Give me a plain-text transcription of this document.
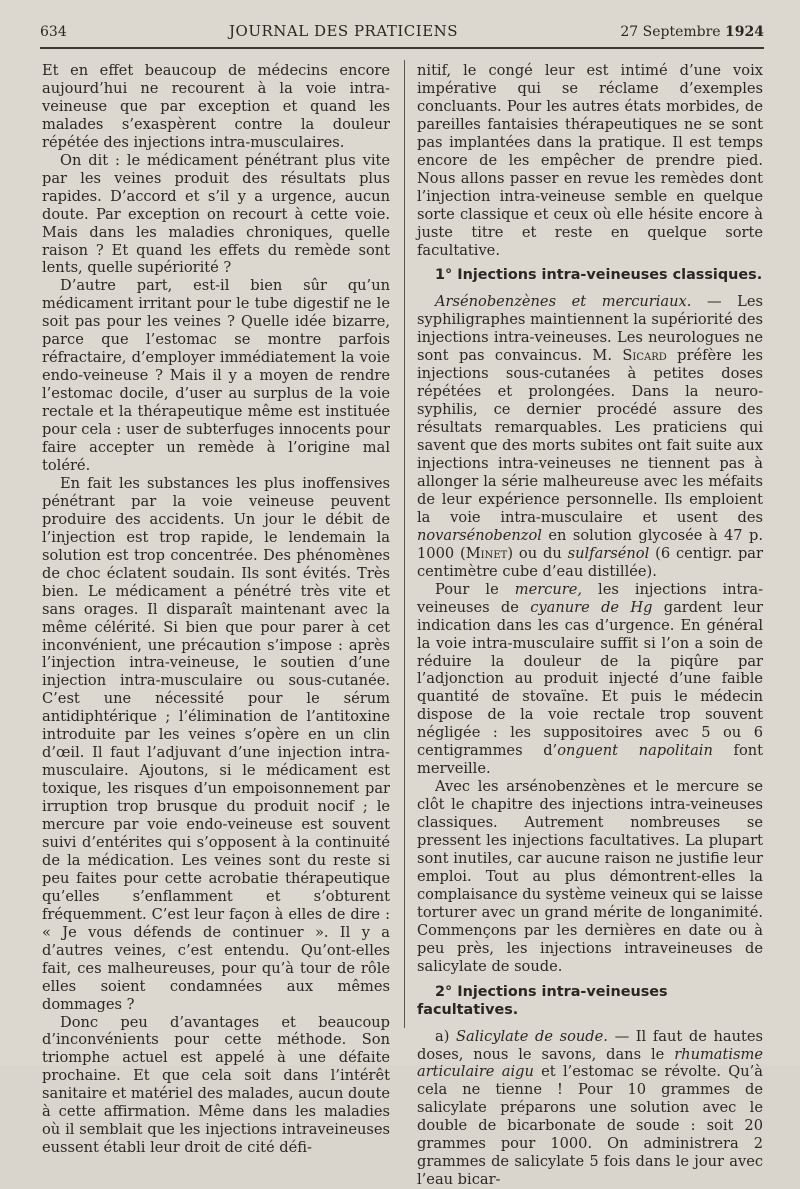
634	JOURNAL DES PRATICIENS	27 Septembre 1924

Et en effet beaucoup de médecins encore aujourd’hui ne recourent à la voie intra-veineuse que par exception et quand les malades s’exaspèrent contre la douleur répétée des injections intra-musculaires.

On dit : le médicament pénétrant plus vite par les veines produit des résultats plus rapides. D’accord et s’il y a urgence, aucun doute. Par exception on recourt à cette voie. Mais dans les maladies chroniques, quelle raison ? Et quand les effets du remède sont lents, quelle supériorité ?

D’autre part, est-il bien sûr qu’un médicament irritant pour le tube digestif ne le soit pas pour les veines ? Quelle idée bizarre, parce que l’estomac se montre parfois réfractaire, d’employer immédiatement la voie endo-veineuse ? Mais il y a moyen de rendre l’estomac docile, d’user au surplus de la voie rectale et la thérapeutique même est instituée pour cela : user de subterfuges innocents pour faire accepter un remède à l’origine mal toléré.

En fait les substances les plus inoffensives pénétrant par la voie veineuse peuvent produire des accidents. Un jour le débit de l’injection est trop rapide, le lendemain la solution est trop concentrée. Des phénomènes de choc éclatent soudain. Ils sont évités. Très bien. Le médicament a pénétré très vite et sans orages. Il disparaît maintenant avec la même célérité. Si bien que pour parer à cet inconvénient, une précaution s’impose : après l’injection intra-veineuse, le soutien d’une injection intra-musculaire ou sous-cutanée. C’est une nécessité pour le sérum antidiphtérique ; l’élimination de l’antitoxine introduite par les veines s’opère en un clin d’œil. Il faut l’adjuvant d’une injection intra-musculaire. Ajoutons, si le médicament est toxique, les risques d’un empoisonnement par irruption trop brusque du produit nocif ; le mercure par voie endo-veineuse est souvent suivi d’entérites qui s’opposent à la continuité de la médication. Les veines sont du reste si peu faites pour cette acrobatie thérapeutique qu’elles s’enflamment et s’obturent fréquemment. C’est leur façon à elles de dire : « Je vous défends de continuer ». Il y a d’autres veines, c’est entendu. Qu’ont-elles fait, ces malheureuses, pour qu’à tour de rôle elles soient condamnées aux mêmes dommages ?

Donc peu d’avantages et beaucoup d’inconvénients pour cette méthode. Son triomphe actuel est appelé à une défaite prochaine. Et que cela soit dans l’intérêt sanitaire et matériel des malades, aucun doute à cette affirmation. Même dans les maladies où il semblait que les injections intraveineuses eussent établi leur droit de cité défi-

nitif, le congé leur est intimé d’une voix impérative qui se réclame d’exemples concluants. Pour les autres états morbides, de pareilles fantaisies thérapeutiques ne se sont pas implantées dans la pratique. Il est temps encore de les empêcher de prendre pied. Nous allons passer en revue les remèdes dont l’injection intra-veineuse semble en quelque sorte classique et ceux où elle hésite encore à juste titre et reste en quelque sorte facultative.

1° Injections intra-veineuses classiques.

Arsénobenzènes et mercuriaux. — Les syphiligraphes maintiennent la supériorité des injections intra-veineuses. Les neurologues ne sont pas convaincus. M. Sicard préfère les injections sous-cutanées à petites doses répétées et prolongées. Dans la neuro-syphilis, ce dernier procédé assure des résultats remarquables. Les praticiens qui savent que des morts subites ont fait suite aux injections intra-veineuses ne tiennent pas à allonger la série malheureuse avec les méfaits de leur expérience personnelle. Ils emploient la voie intra-musculaire et usent des novarsénobenzol en solution glycosée à 47 p. 1000 (Minet) ou du sulfarsénol (6 centigr. par centimètre cube d’eau distillée).

Pour le mercure, les injections intra-veineuses de cyanure de Hg gardent leur indication dans les cas d’urgence. En général la voie intra-musculaire suffit si l’on a soin de réduire la douleur de la piqûre par l’adjonction au produit injecté d’une faible quantité de stovaïne. Et puis le médecin dispose de la voie rectale trop souvent négligée : les suppositoires avec 5 ou 6 centigrammes d’onguent napolitain font merveille.

Avec les arsénobenzènes et le mercure se clôt le chapitre des injections intra-veineuses classiques. Autrement nombreuses se pressent les injections facultatives. La plupart sont inutiles, car aucune raison ne justifie leur emploi. Tout au plus démontrent-elles la complaisance du système veineux qui se laisse torturer avec un grand mérite de longanimité. Commençons par les dernières en date ou à peu près, les injections intraveineuses de salicylate de soude.

2° Injections intra-veineuses facultatives.

a) Salicylate de soude. — Il faut de hautes doses, nous le savons, dans le rhumatisme articulaire aigu et l’estomac se révolte. Qu’à cela ne tienne ! Pour 10 grammes de salicylate préparons une solution avec le double de bicarbonate de soude : soit 20 grammes pour 1000. On administrera 2 grammes de salicylate 5 fois dans le jour avec l’eau bicar-
